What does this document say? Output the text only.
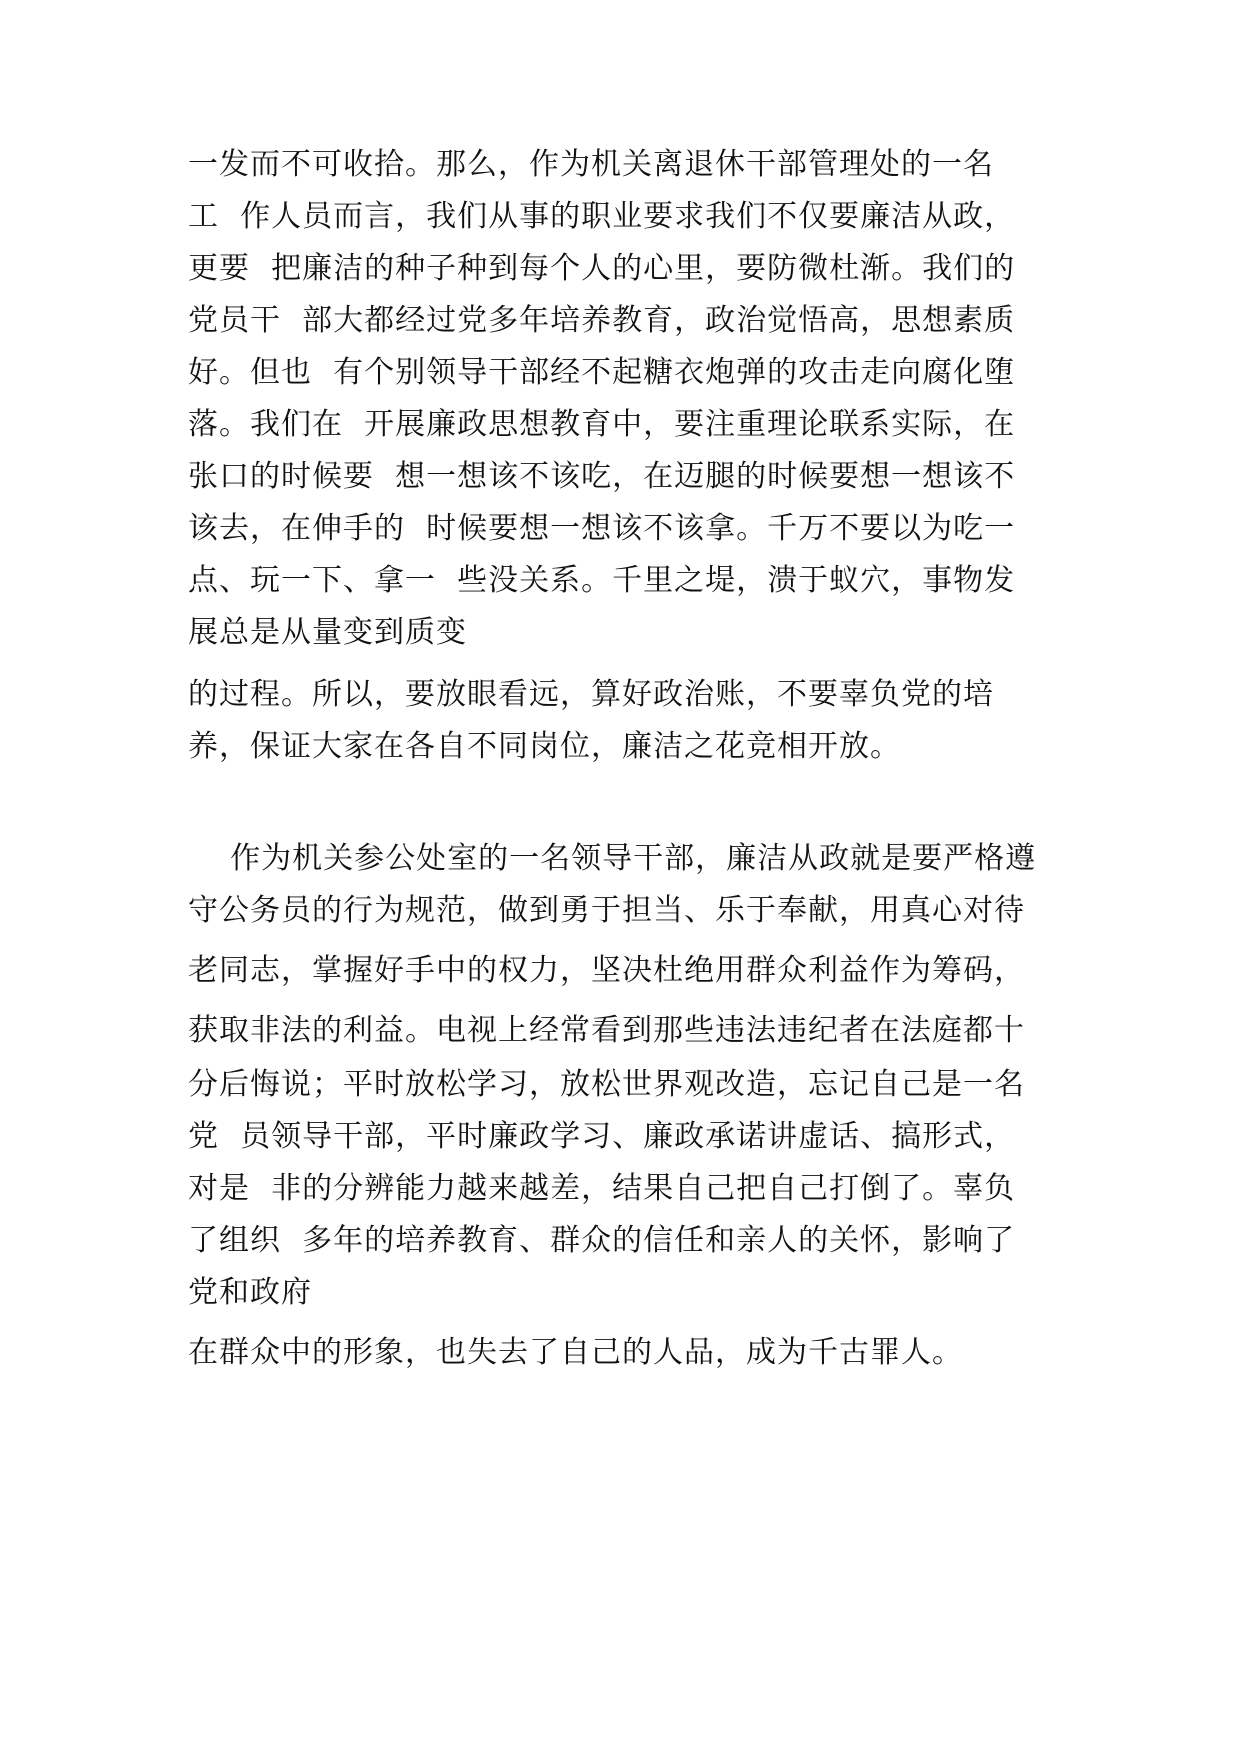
一发而不可收拾。那么，作为机关离退休干部管理处的一名
工  作人员而言，我们从事的职业要求我们不仅要廉洁从政，
更要  把廉洁的种子种到每个人的心里，要防微杜渐。我们的
党员干  部大都经过党多年培养教育，政治觉悟高，思想素质
好。但也  有个别领导干部经不起糖衣炮弹的攻击走向腐化堕
落。我们在  开展廉政思想教育中，要注重理论联系实际，在
张口的时候要  想一想该不该吃，在迈腿的时候要想一想该不
该去，在伸手的  时候要想一想该不该拿。千万不要以为吃一
点、玩一下、拿一  些没关系。千里之堤，溃于蚁穴，事物发
展总是从量变到质变
的过程。所以，要放眼看远，算好政治账，不要辜负党的培
养，保证大家在各自不同岗位，廉洁之花竞相开放。
作为机关参公处室的一名领导干部，廉洁从政就是要严格遵
守公务员的行为规范，做到勇于担当、乐于奉献，用真心对待
老同志，掌握好手中的权力，坚决杜绝用群众利益作为筹码，
获取非法的利益。电视上经常看到那些违法违纪者在法庭都十
分后悔说；平时放松学习，放松世界观改造，忘记自己是一名
党  员领导干部，平时廉政学习、廉政承诺讲虚话、搞形式，
对是  非的分辨能力越来越差，结果自己把自己打倒了。辜负
了组织  多年的培养教育、群众的信任和亲人的关怀，影响了
党和政府
在群众中的形象，也失去了自己的人品，成为千古罪人。
